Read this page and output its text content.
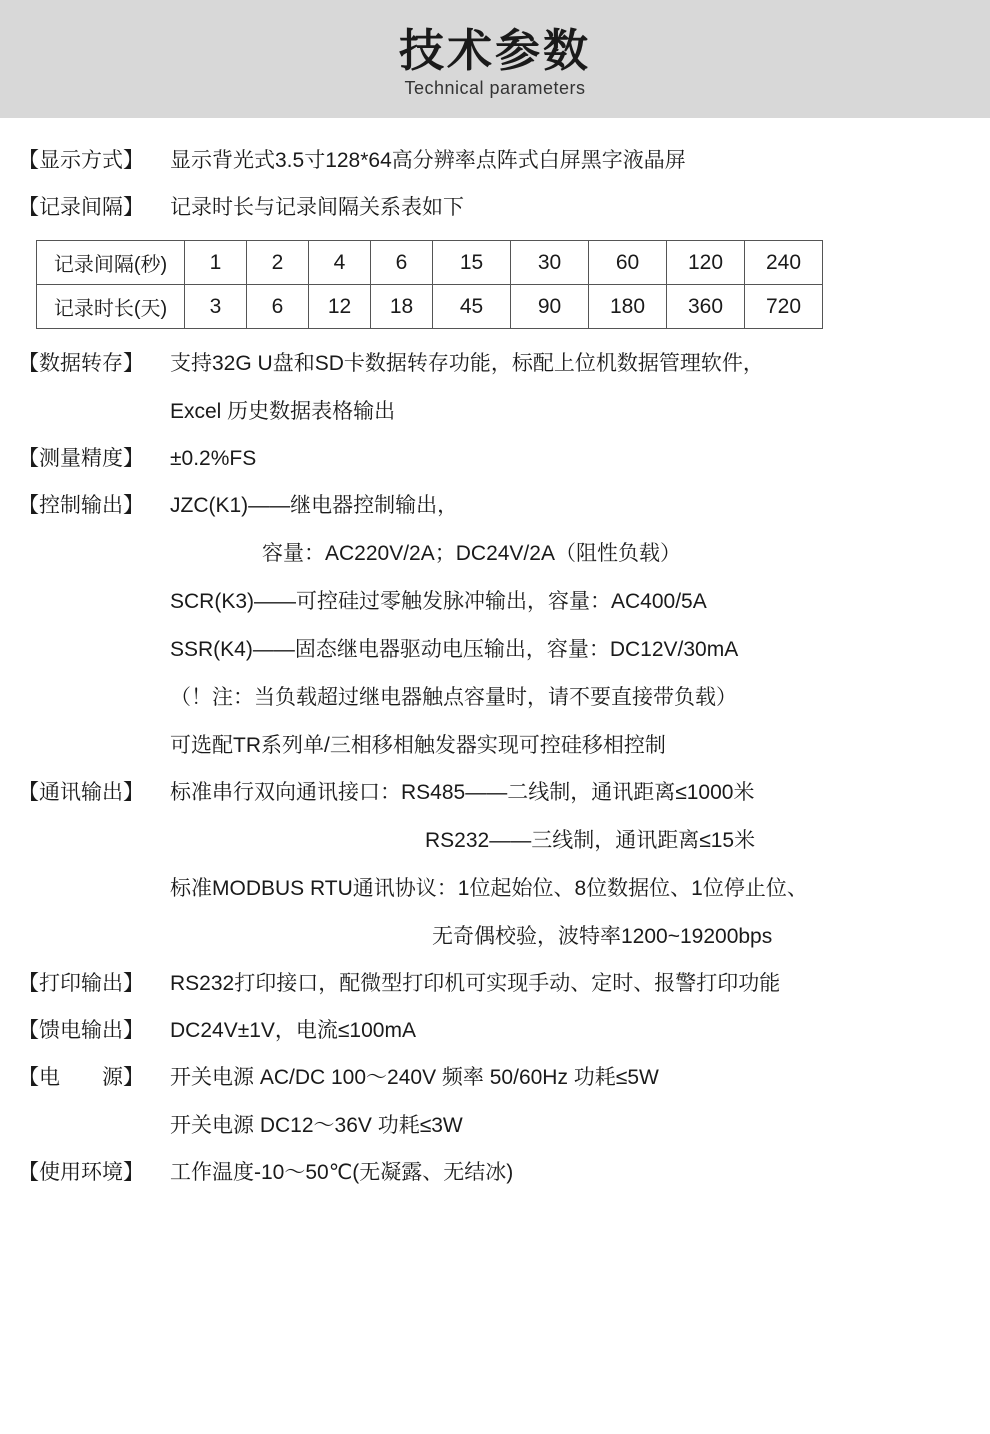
技术参数
Technical parameters
【显示方式】	显示背光式3.5寸128*64高分辨率点阵式白屏黑字液晶屏
【记录间隔】	记录时长与记录间隔关系表如下
记录间隔(秒)	1	2	4	6	15	30	60	120	240
记录时长(天)	3	6	12	18	45	90	180	360	720
【数据转存】	支持32G U盘和SD卡数据转存功能，标配上位机数据管理软件，
Excel 历史数据表格输出
【测量精度】	±0.2%FS
【控制输出】	JZC(K1)——继电器控制输出，
容量：AC220V/2A；DC24V/2A（阻性负载）
SCR(K3)——可控硅过零触发脉冲输出，容量：AC400/5A
SSR(K4)——固态继电器驱动电压输出，容量：DC12V/30mA
（！注：当负载超过继电器触点容量时，请不要直接带负载）
可选配TR系列单/三相移相触发器实现可控硅移相控制
【通讯输出】	标准串行双向通讯接口：RS485——二线制，通讯距离≤1000米
RS232——三线制，通讯距离≤15米
标准MODBUS RTU通讯协议：1位起始位、8位数据位、1位停止位、
无奇偶校验，波特率1200~19200bps
【打印输出】	RS232打印接口，配微型打印机可实现手动、定时、报警打印功能
【馈电输出】	DC24V±1V，电流≤100mA
【电　　源】	开关电源 AC/DC 100～240V 频率 50/60Hz 功耗≤5W
开关电源 DC12～36V 功耗≤3W
【使用环境】	工作温度-10～50℃(无凝露、无结冰)
